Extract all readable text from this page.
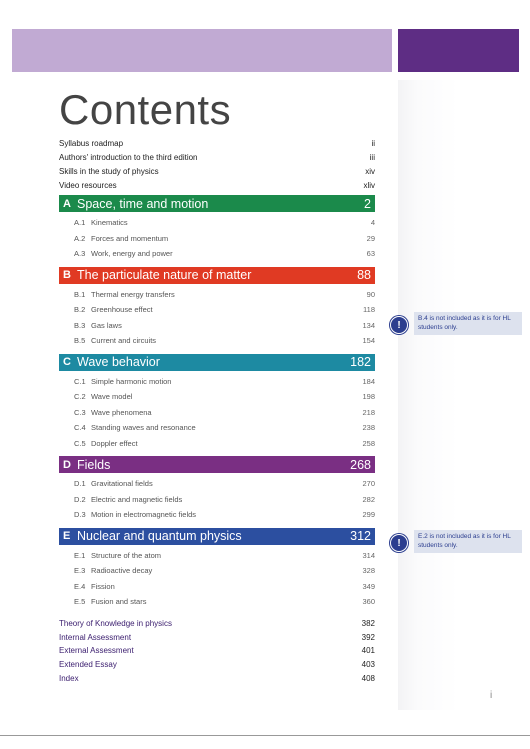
Contents
Syllabus roadmap	ii
Authors' introduction to the third edition	iii
Skills in the study of physics	xiv
Video resources	xliv
A Space, time and motion	2
A.1 Kinematics	4
A.2 Forces and momentum	29
A.3 Work, energy and power	63
B The particulate nature of matter	88
B.1 Thermal energy transfers	90
B.2 Greenhouse effect	118
B.3 Gas laws	134
B.5 Current and circuits	154
C Wave behavior	182
C.1 Simple harmonic motion	184
C.2 Wave model	198
C.3 Wave phenomena	218
C.4 Standing waves and resonance	238
C.5 Doppler effect	258
D Fields	268
D.1 Gravitational fields	270
D.2 Electric and magnetic fields	282
D.3 Motion in electromagnetic fields	299
E Nuclear and quantum physics	312
E.1 Structure of the atom	314
E.3 Radioactive decay	328
E.4 Fission	349
E.5 Fusion and stars	360
Theory of Knowledge in physics	382
Internal Assessment	392
External Assessment	401
Extended Essay	403
Index	408
!
B.4 is not included as it is for HL students only.
!
E.2 is not included as it is for HL students only.
i
